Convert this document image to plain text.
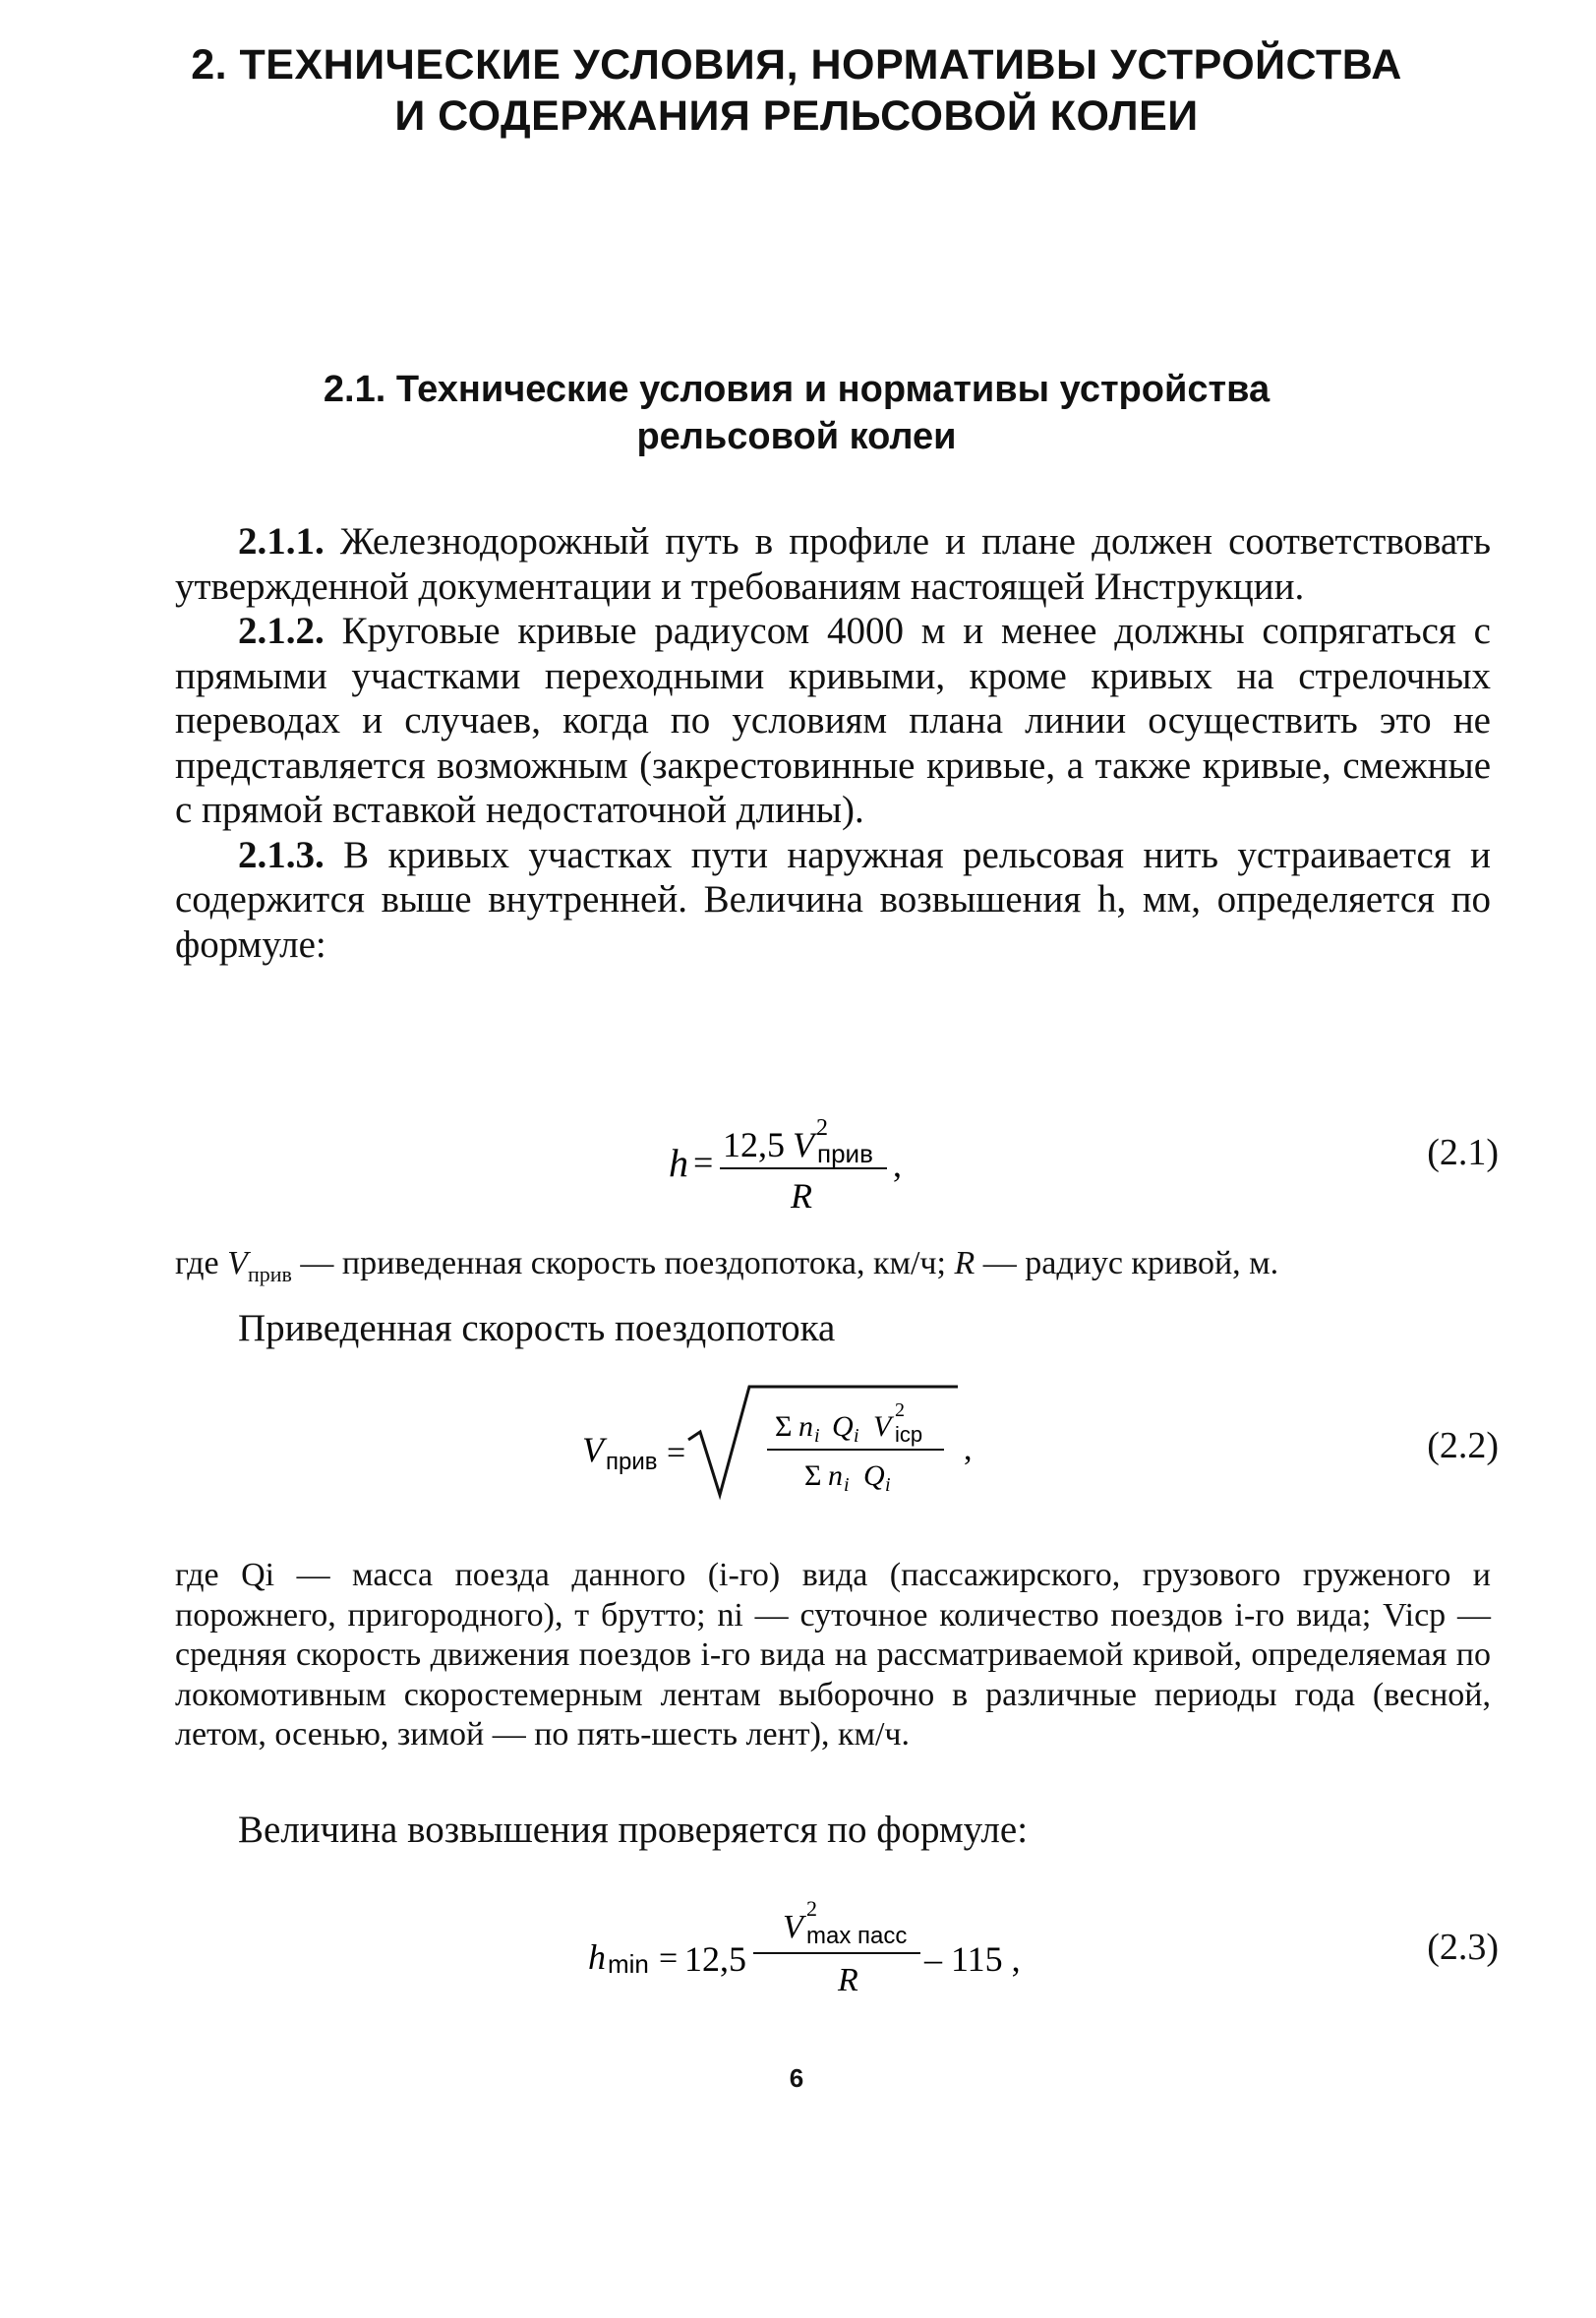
2. ТЕХНИЧЕСКИЕ УСЛОВИЯ, НОРМАТИВЫ УСТРОЙСТВА
И СОДЕРЖАНИЯ РЕЛЬСОВОЙ КОЛЕИ
2.1. Технические условия и нормативы устройства
рельсовой колеи

2.1.1. Железнодорожный путь в профиле и плане должен соответствовать утвержденной документации и требованиям настоящей Инструкции.

2.1.2. Круговые кривые радиусом 4000 м и менее должны сопрягаться с прямыми участками переходными кривыми, кроме кривых на стрелочных переводах и случаев, когда по условиям плана линии осуществить это не представляется возможным (закрестовинные кривые, а также кривые, смежные с прямой вставкой недостаточной длины).

2.1.3. В кривых участках пути наружная рельсовая нить устраивается и содержится выше внутренней. Величина возвышения h, мм, определяется по формуле:

h = 12,5 V 2
прив
R
,	(2.1)
где $V_{прив}$ — приведенная скорость поездопотока, км/ч; R — радиус кривой, м.
Приведенная скорость поездопотока
V прив =
Σ n i Q i V 2
icp
Σ n i Q i
,	(2.2)
где Qi — масса поезда данного (i-го) вида (пассажирского, грузового груженого и порожнего, пригородного), т брутто; ni — суточное количество поездов i-го вида; Vicp — средняя скорость движения поездов i-го вида на рассматриваемой кривой, определяемая по локомотивным скоростемерным лентам выборочно в различные периоды года (весной, летом, осенью, зимой — по пять-шесть лент), км/ч.
Величина возвышения проверяется по формуле:
h min = 12,5
V
2
max пасс
R
– 115 ,	(2.3)
6
